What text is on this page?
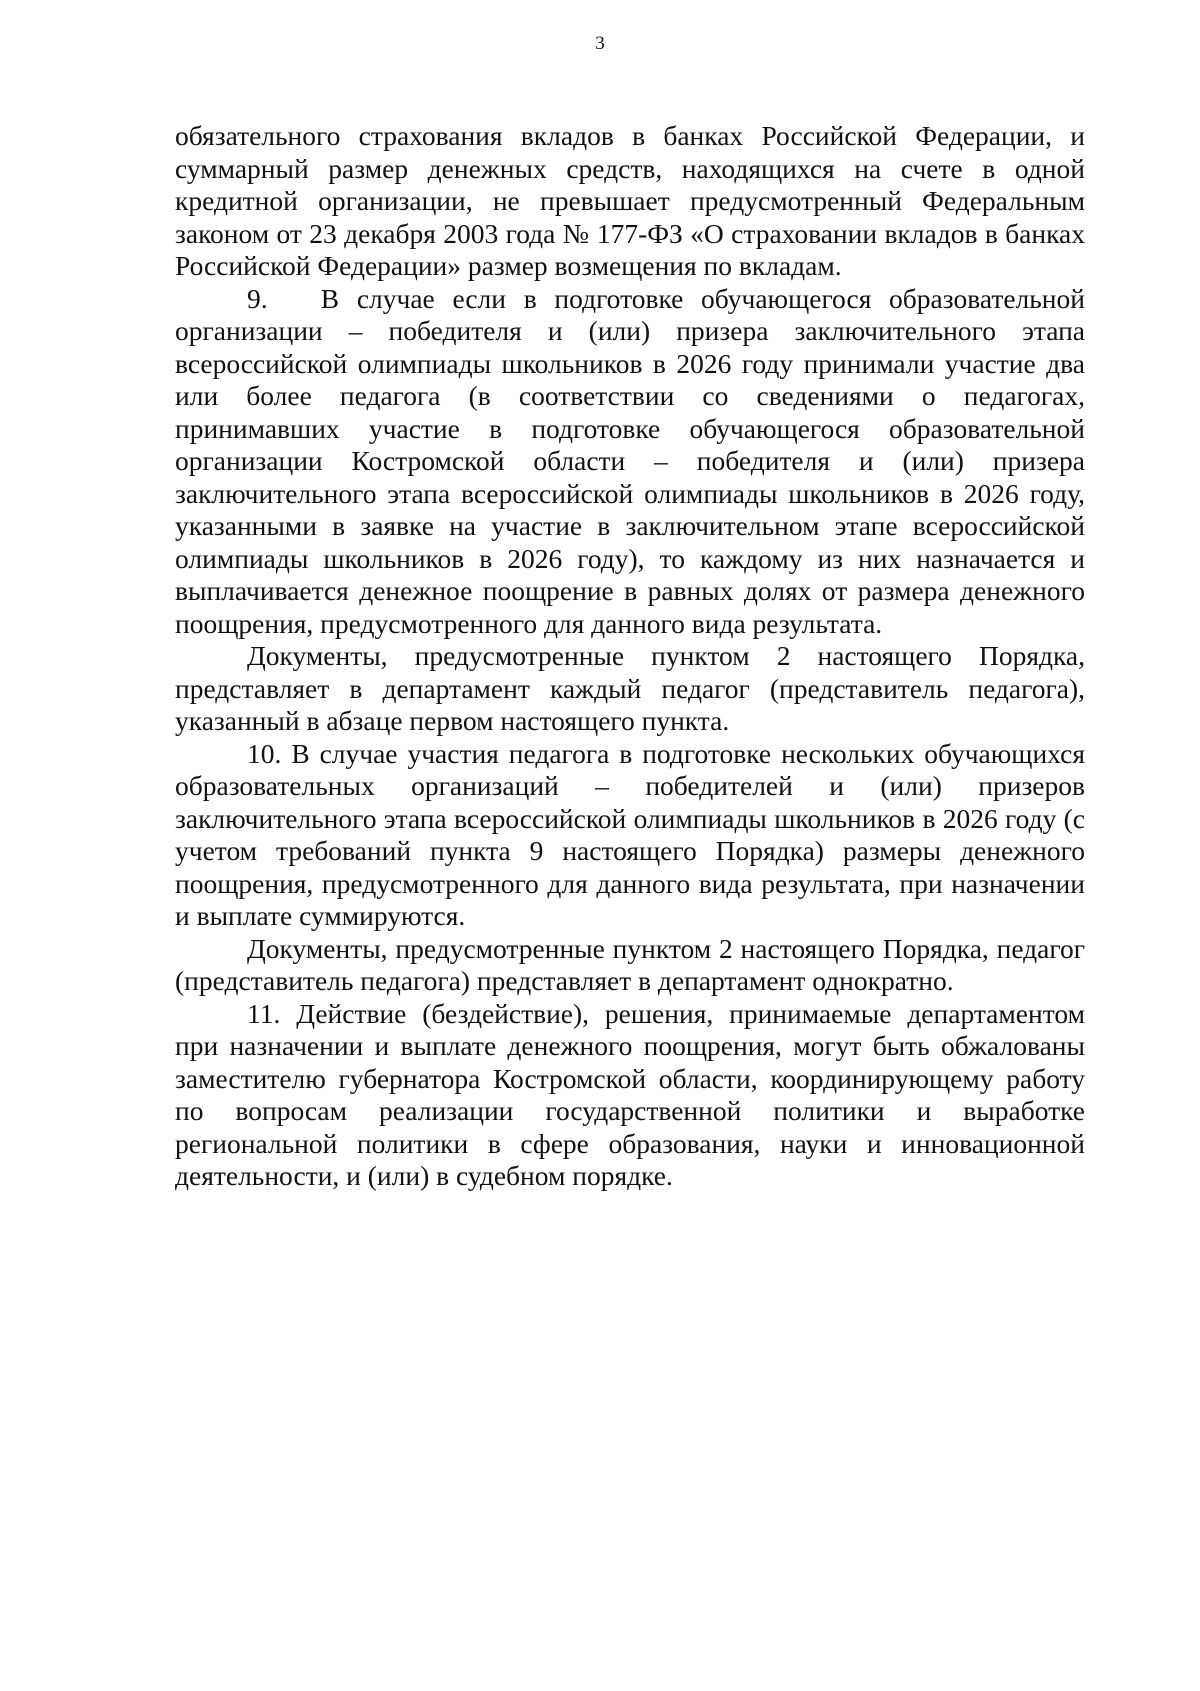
3

обязательного страхования вкладов в банках Российской Федерации, и суммарный размер денежных средств, находящихся на счете в одной кредитной организации, не превышает предусмотренный Федеральным законом от 23 декабря 2003 года № 177-ФЗ «О страховании вкладов в банках Российской Федерации» размер возмещения по вкладам.

9.   В случае если в подготовке обучающегося образовательной организации – победителя и (или) призера заключительного этапа всероссийской олимпиады школьников в 2026 году принимали участие два или более педагога (в соответствии со сведениями о педагогах, принимавших участие в подготовке обучающегося образовательной организации Костромской области – победителя и (или) призера заключительного этапа всероссийской олимпиады школьников в 2026 году, указанными в заявке на участие в заключительном этапе всероссийской олимпиады школьников в 2026 году), то каждому из них назначается и выплачивается денежное поощрение в равных долях от размера денежного поощрения, предусмотренного для данного вида результата.

Документы, предусмотренные пунктом 2 настоящего Порядка, представляет в департамент каждый педагог (представитель педагога), указанный в абзаце первом настоящего пункта.

10. В случае участия педагога в подготовке нескольких обучающихся образовательных организаций – победителей и (или) призеров заключительного этапа всероссийской олимпиады школьников в 2026 году (с учетом требований пункта 9 настоящего Порядка) размеры денежного поощрения, предусмотренного для данного вида результата, при назначении и выплате суммируются.

Документы, предусмотренные пунктом 2 настоящего Порядка, педагог (представитель педагога) представляет в департамент однократно.

11. Действие (бездействие), решения, принимаемые департаментом при назначении и выплате денежного поощрения, могут быть обжалованы заместителю губернатора Костромской области, координирующему работу по вопросам реализации государственной политики и выработке региональной политики в сфере образования, науки и инновационной деятельности, и (или) в судебном порядке.
